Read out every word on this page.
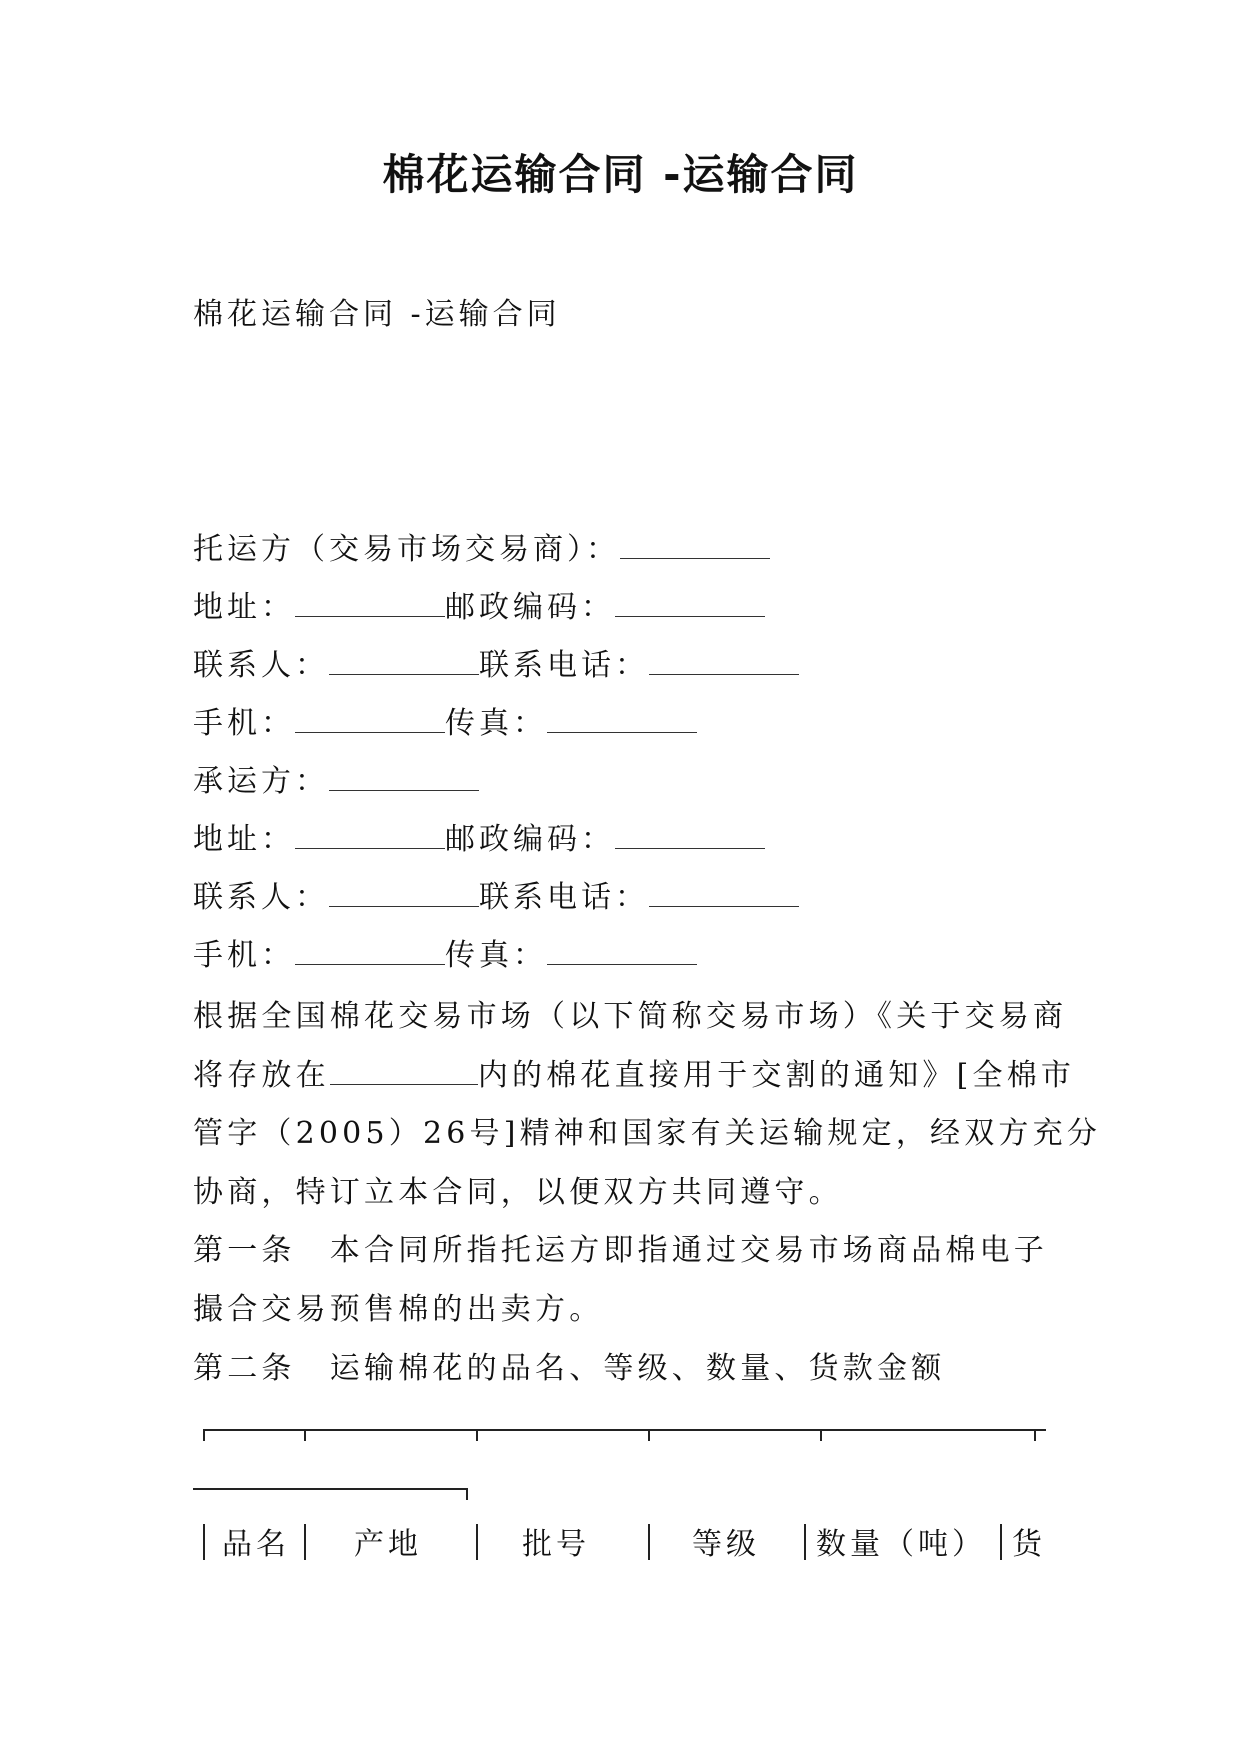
棉花运输合同 -运输合同
棉花运输合同 -运输合同
托运方（交易市场交易商）：
地址：	邮政编码：
联系人：	联系电话：
手机：	传真：
承运方：
地址：	邮政编码：
联系人：	联系电话：
手机：	传真：
根据全国棉花交易市场（以下简称交易市场）《关于交易商
将存放在	内的棉花直接用于交割的通知》[全棉市
管字（2005）26号]精神和国家有关运输规定，经双方充分
协商，特订立本合同，以便双方共同遵守。
第一条　本合同所指托运方即指通过交易市场商品棉电子
撮合交易预售棉的出卖方。
第二条　运输棉花的品名、等级、数量、货款金额
品名 产地	批号	等级 数量（吨） 货
